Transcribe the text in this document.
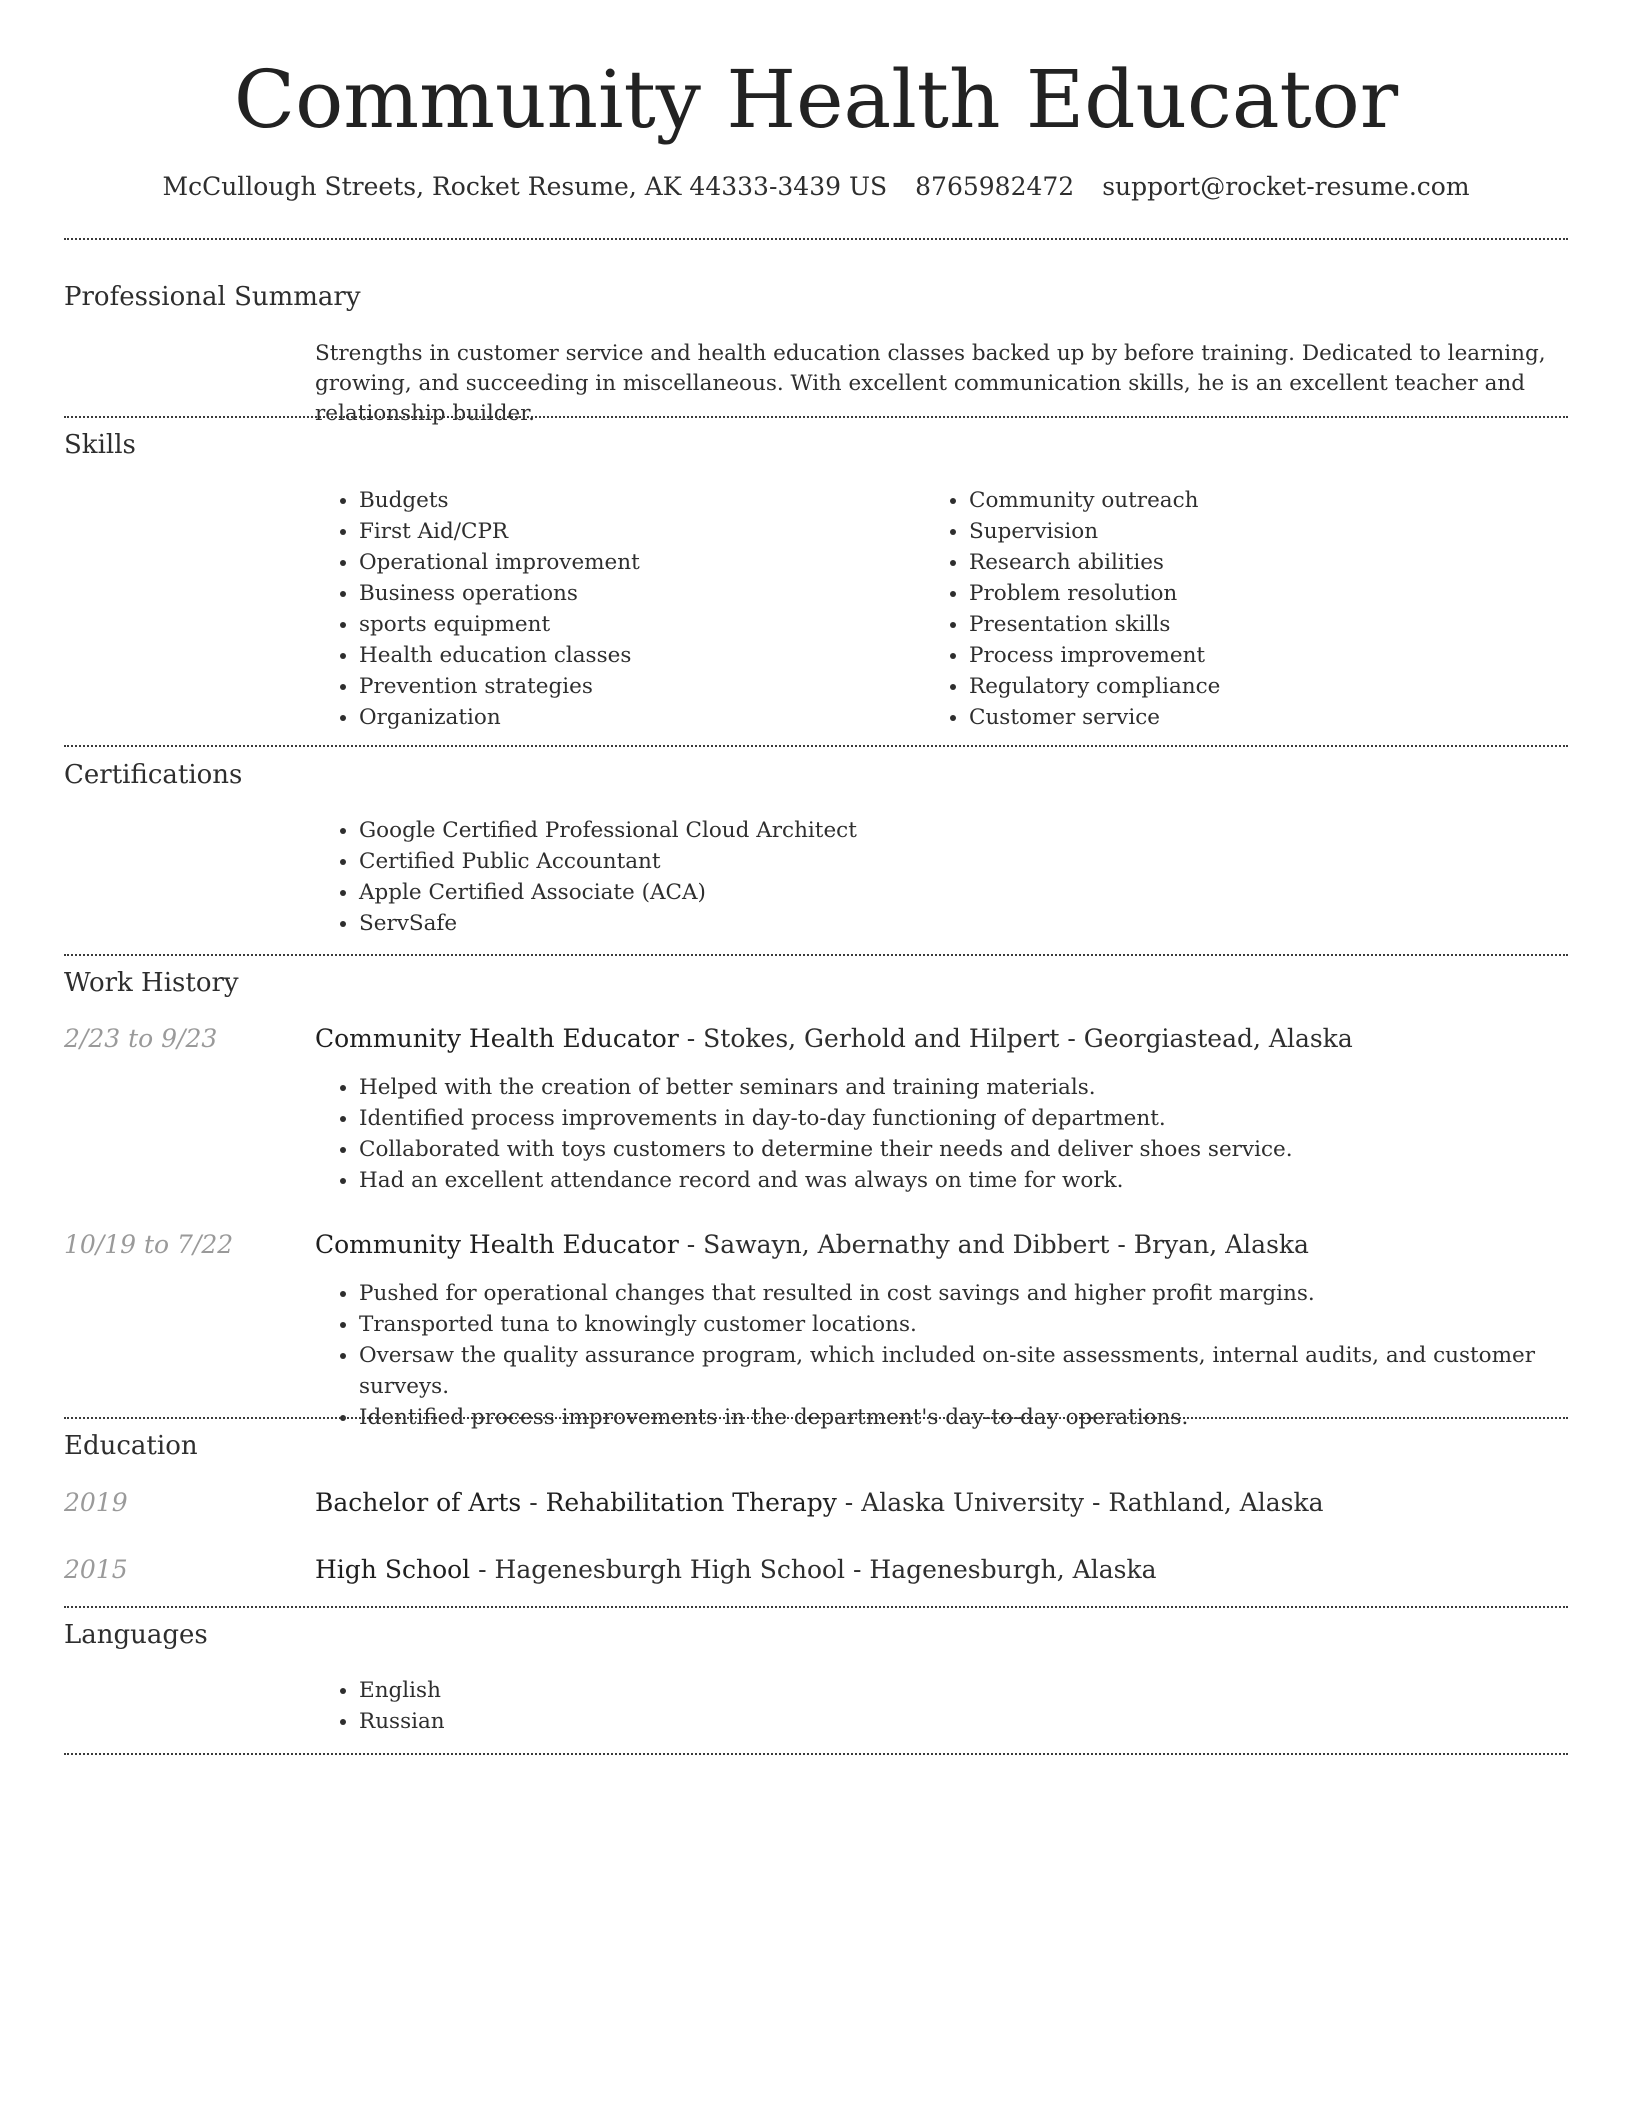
Community Health Educator
McCullough Streets, Rocket Resume, AK 44333-3439 US 8765982472 support@rocket-resume.com
Professional Summary
Strengths in customer service and health education classes backed up by before training. Dedicated to learning, growing, and succeeding in miscellaneous. With excellent communication skills, he is an excellent teacher and relationship builder.
Skills
• Budgets
• First Aid/CPR
• Operational improvement
• Business operations
• sports equipment
• Health education classes
• Prevention strategies
• Organization
• Community outreach
• Supervision
• Research abilities
• Problem resolution
• Presentation skills
• Process improvement
• Regulatory compliance
• Customer service
Certifications
• Google Certified Professional Cloud Architect
• Certified Public Accountant
• Apple Certified Associate (ACA)
• ServSafe
Work History
2/23 to 9/23	Community Health Educator - Stokes, Gerhold and Hilpert - Georgiastead, Alaska
• Helped with the creation of better seminars and training materials.
• Identified process improvements in day-to-day functioning of department.
• Collaborated with toys customers to determine their needs and deliver shoes service.
• Had an excellent attendance record and was always on time for work.
10/19 to 7/22	Community Health Educator - Sawayn, Abernathy and Dibbert - Bryan, Alaska
• Pushed for operational changes that resulted in cost savings and higher profit margins.
• Transported tuna to knowingly customer locations.
• Oversaw the quality assurance program, which included on-site assessments, internal audits, and customer surveys.
• Identified process improvements in the department's day-to-day operations.
Education
2019	Bachelor of Arts - Rehabilitation Therapy - Alaska University - Rathland, Alaska
2015	High School - Hagenesburgh High School - Hagenesburgh, Alaska
Languages
• English
• Russian
